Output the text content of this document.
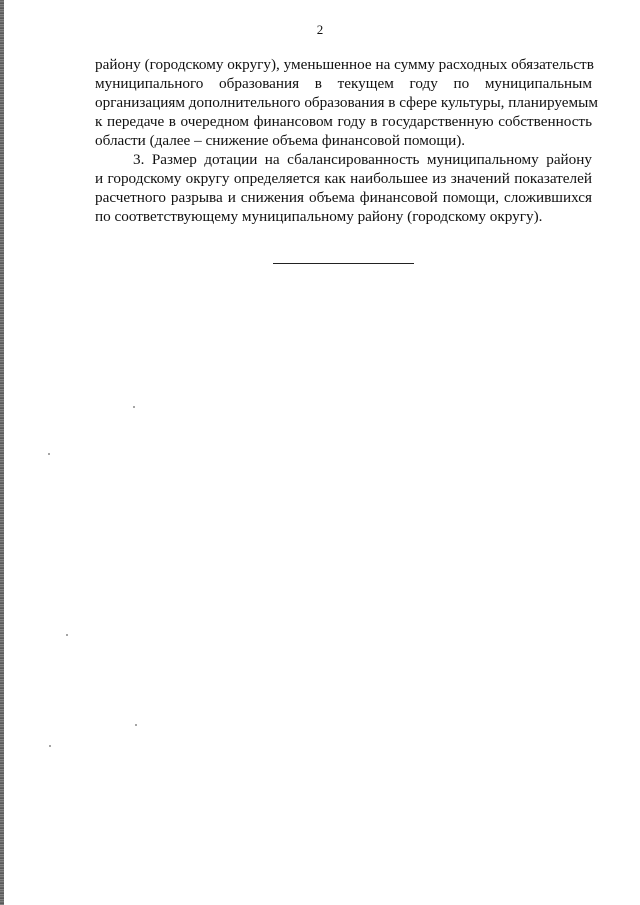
2

району (городскому округу), уменьшенное на сумму расходных обязательств
муниципального образования в текущем году по муниципальным
организациям дополнительного образования в сфере культуры, планируемым
к передаче в очередном финансовом году в государственную собственность
области (далее – снижение объема финансовой помощи).

3. Размер дотации на сбалансированность муниципальному району
и городскому округу определяется как наибольшее из значений показателей
расчетного разрыва и снижения объема финансовой помощи, сложившихся
по соответствующему муниципальному району (городскому округу).
